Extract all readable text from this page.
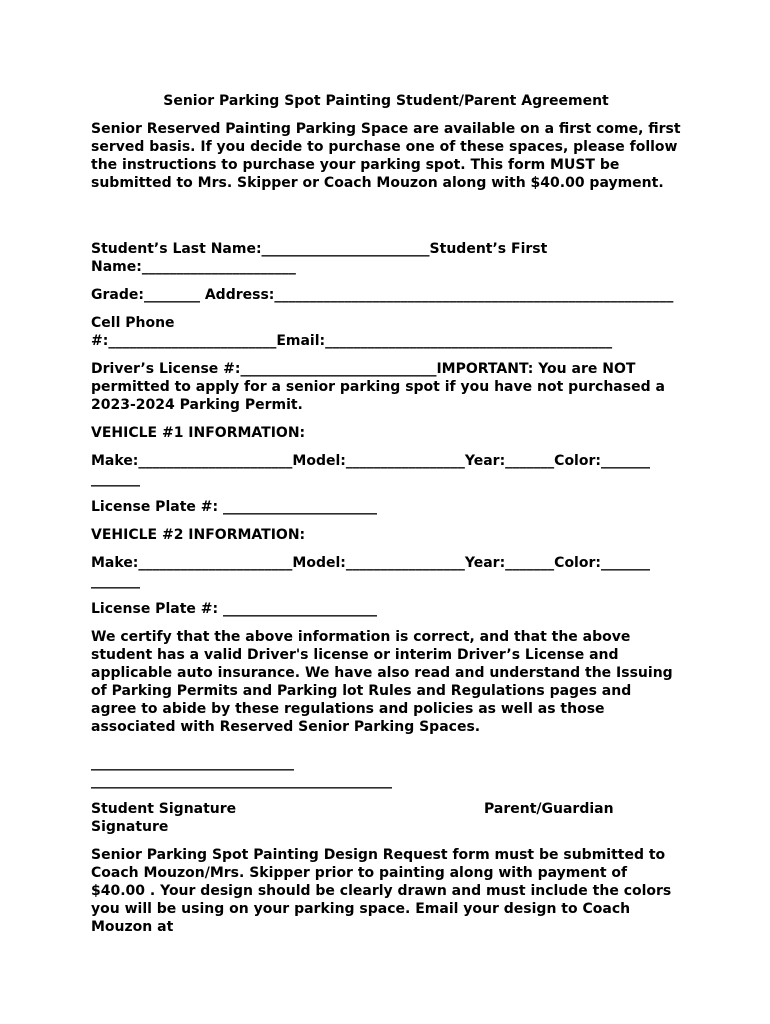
Senior Parking Spot Painting Student/Parent Agreement

Senior Reserved Painting Parking Space are available on a first come, first served basis. If you decide to purchase one of these spaces, please follow the instructions to purchase your parking spot. This form MUST be submitted to Mrs. Skipper or Coach Mouzon along with $40.00 payment.

Student’s Last Name:________________________Student’s First Name:______________________

Grade:________ Address:_________________________________________________________

Cell Phone #:________________________Email:_________________________________________

Driver’s License #:____________________________IMPORTANT: You are NOT permitted to apply for a senior parking spot if you have not purchased a 2023-2024 Parking Permit.

VEHICLE #1 INFORMATION:

Make:______________________Model:_________________Year:_______Color:_______ _______

License Plate #: ______________________

VEHICLE #2 INFORMATION:

Make:______________________Model:_________________Year:_______Color:_______ _______

License Plate #: ______________________

We certify that the above information is correct, and that the above student has a valid Driver's license or interim Driver’s License and applicable auto insurance. We have also read and understand the Issuing of Parking Permits and Parking lot Rules and Regulations pages and agree to abide by these regulations and policies as well as those associated with Reserved Senior Parking Spaces.

_____________________________ ___________________________________________

Student Signature	Parent/Guardian

Signature

Senior Parking Spot Painting Design Request form must be submitted to Coach Mouzon/Mrs. Skipper prior to painting along with payment of $40.00 . Your design should be clearly drawn and must include the colors you will be using on your parking space. Email your design to Coach Mouzon at
